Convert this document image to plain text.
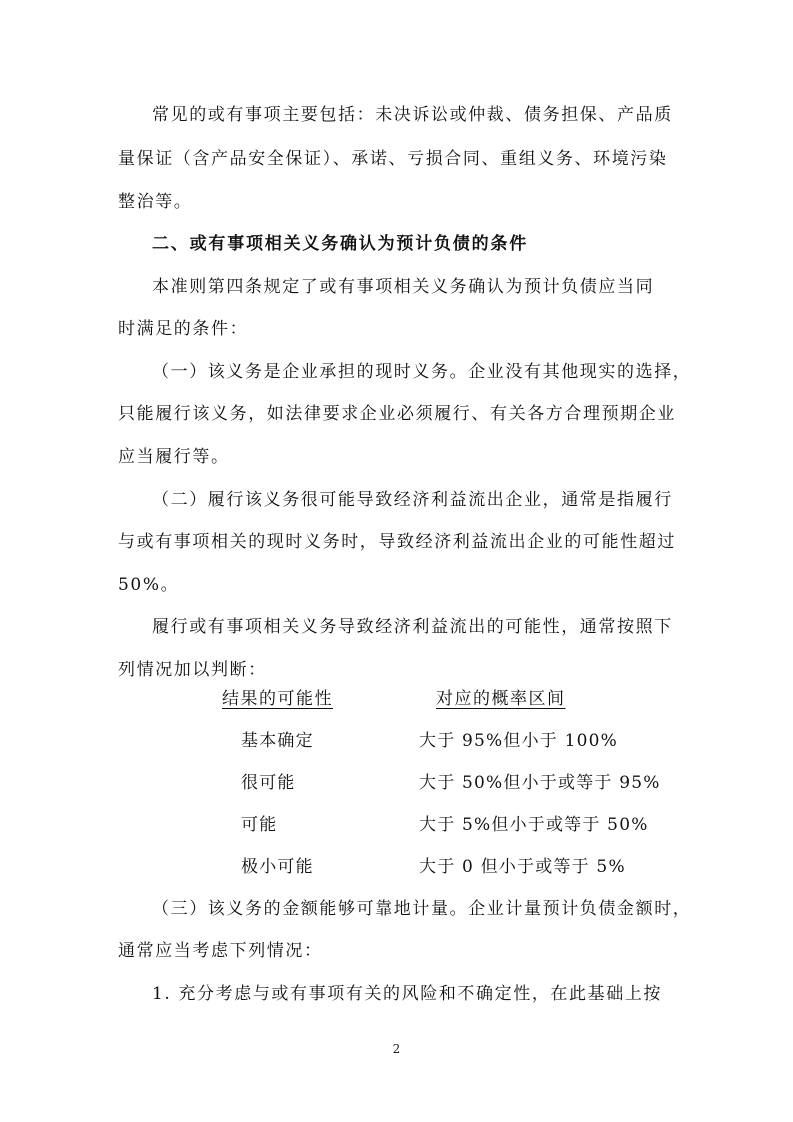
常见的或有事项主要包括：未决诉讼或仲裁、债务担保、产品质
量保证（含产品安全保证）、承诺、亏损合同、重组义务、环境污染
整治等。
二、或有事项相关义务确认为预计负债的条件
本准则第四条规定了或有事项相关义务确认为预计负债应当同
时满足的条件：
（一）该义务是企业承担的现时义务。企业没有其他现实的选择，
只能履行该义务，如法律要求企业必须履行、有关各方合理预期企业
应当履行等。
（二）履行该义务很可能导致经济利益流出企业，通常是指履行
与或有事项相关的现时义务时，导致经济利益流出企业的可能性超过
50%。
履行或有事项相关义务导致经济利益流出的可能性，通常按照下
列情况加以判断：
结果的可能性	对应的概率区间
基本确定	大于 95%但小于 100%
很可能	大于 50%但小于或等于 95%
可能	大于 5%但小于或等于 50%
极小可能	大于 0 但小于或等于 5%
（三）该义务的金额能够可靠地计量。企业计量预计负债金额时，
通常应当考虑下列情况：
1. 充分考虑与或有事项有关的风险和不确定性，在此基础上按
2
